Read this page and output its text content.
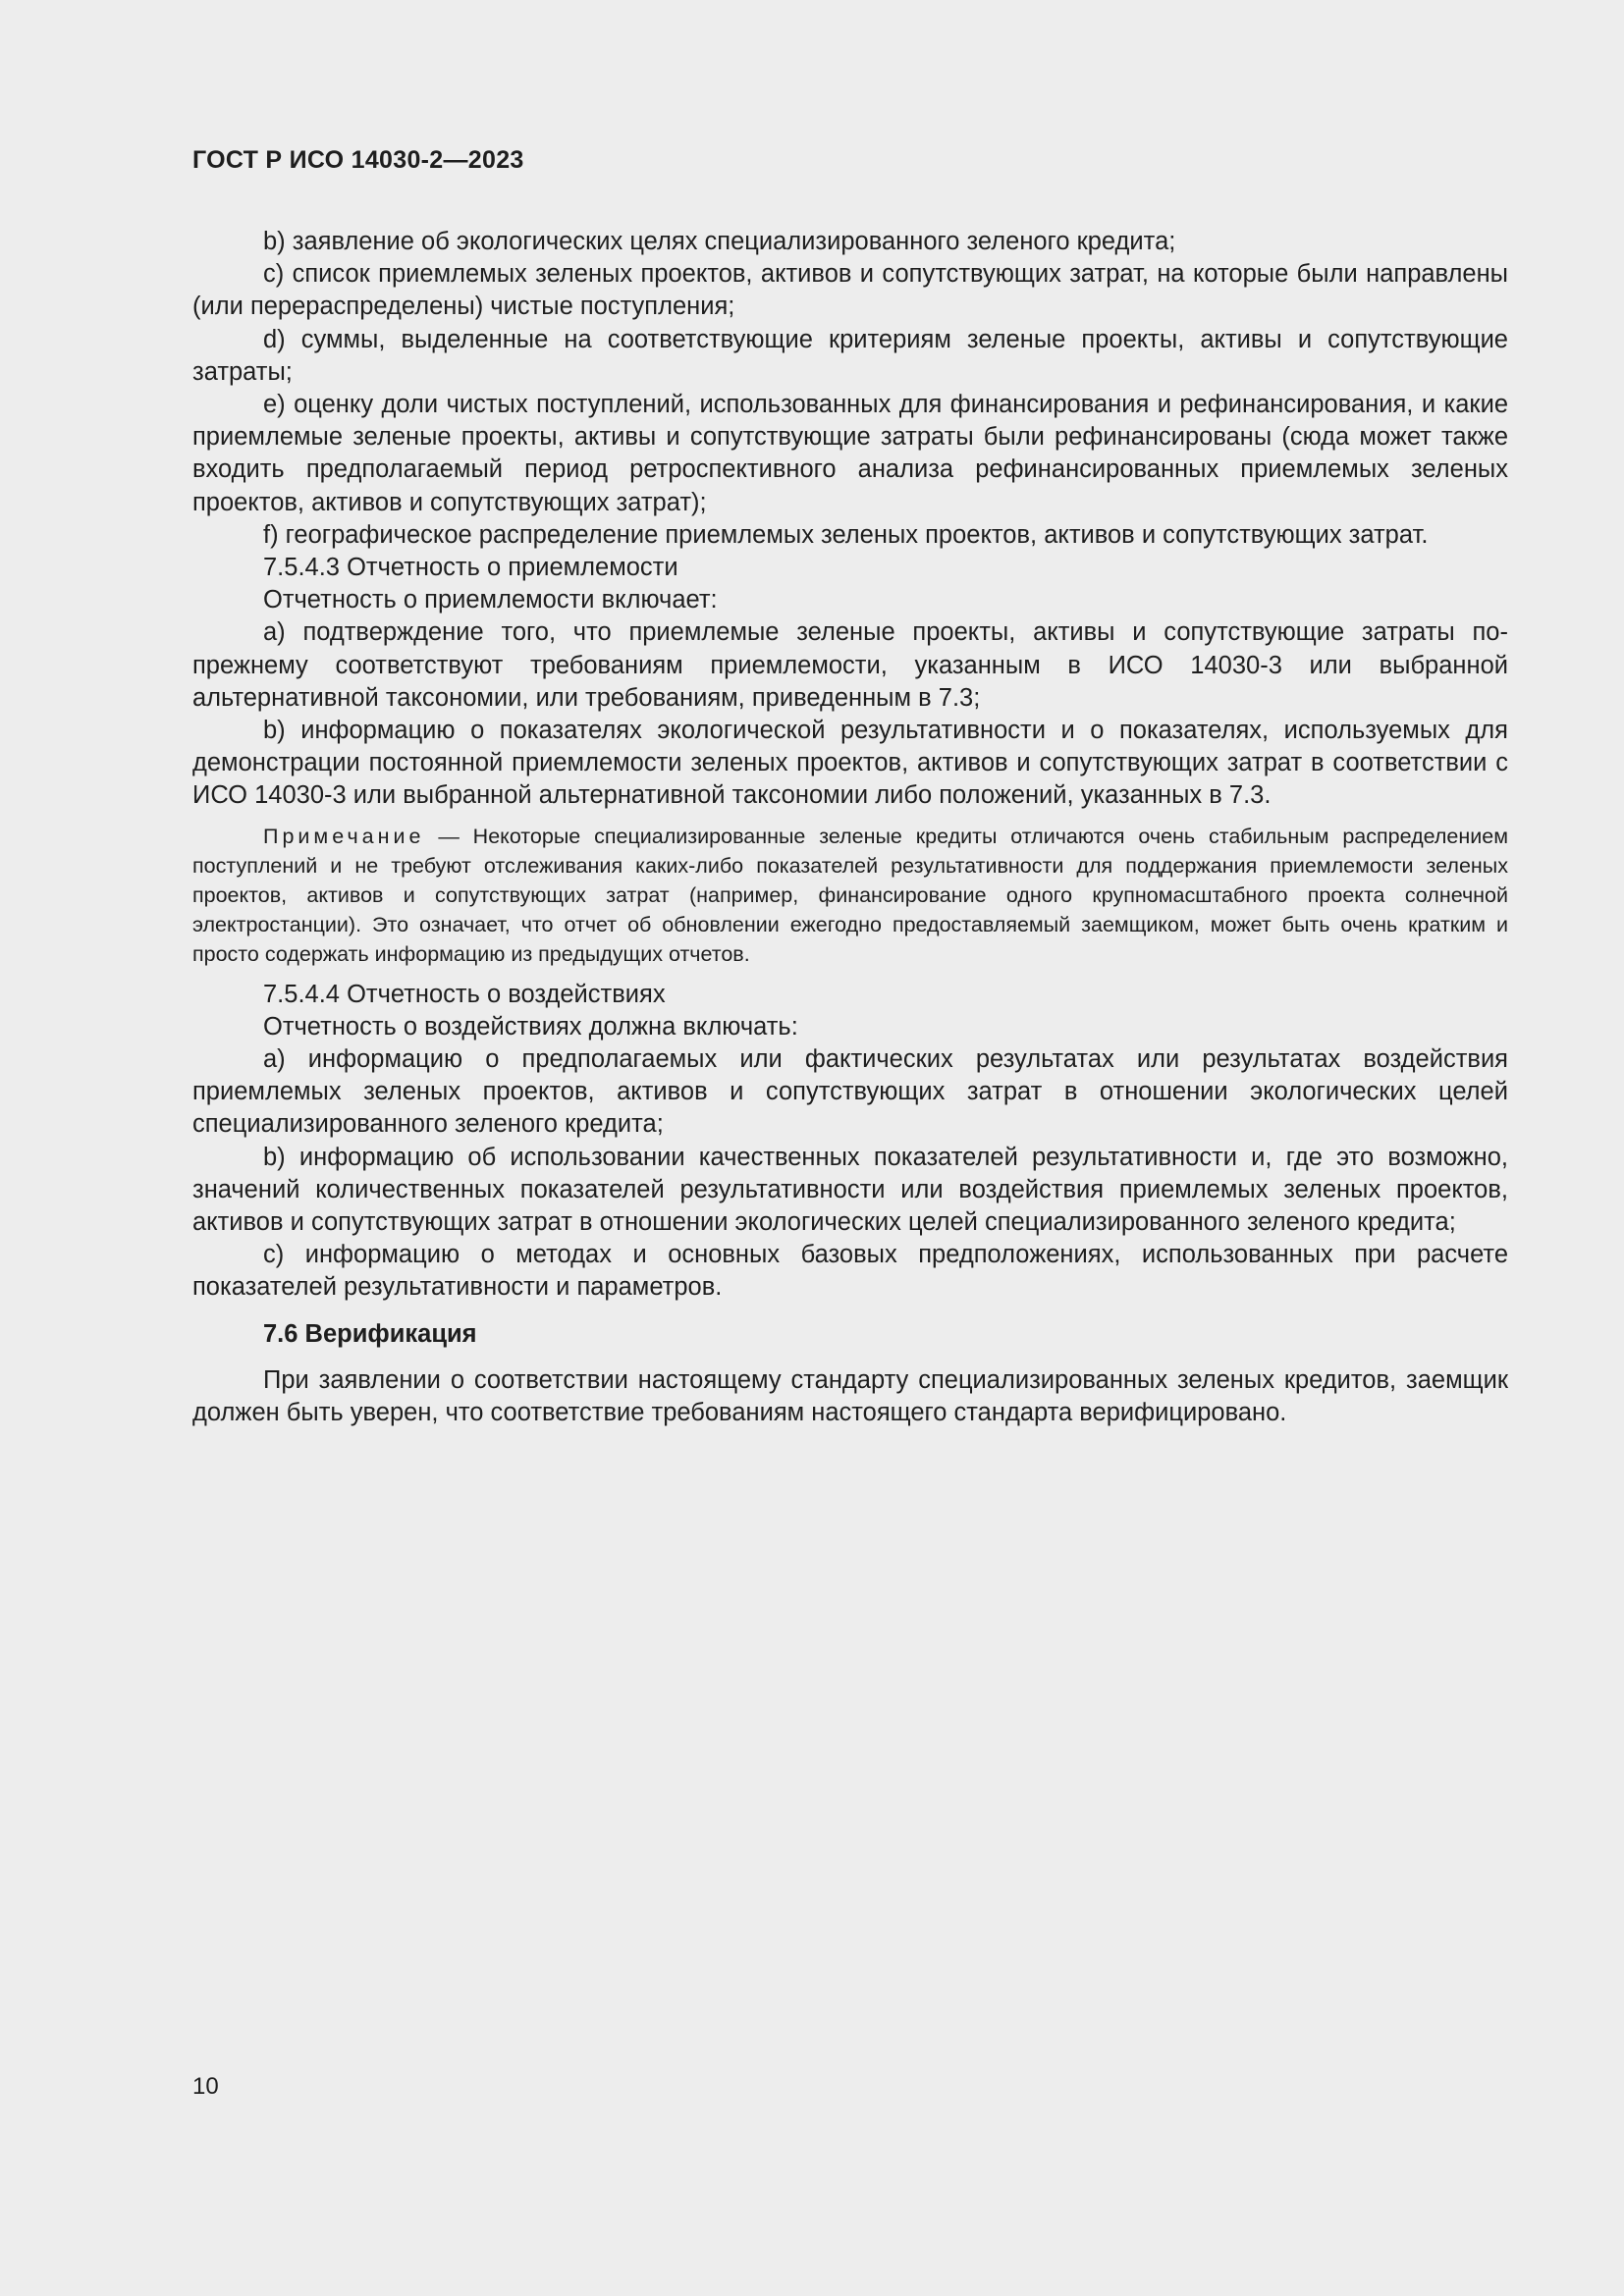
ГОСТ Р ИСО 14030-2—2023

b) заявление об экологических целях специализированного зеленого кредита;

c) список приемлемых зеленых проектов, активов и сопутствующих затрат, на которые были направлены (или перераспределены) чистые поступления;

d) суммы, выделенные на соответствующие критериям зеленые проекты, активы и сопутствующие затраты;

e) оценку доли чистых поступлений, использованных для финансирования и рефинансирования, и какие приемлемые зеленые проекты, активы и сопутствующие затраты были рефинансированы (сюда может также входить предполагаемый период ретроспективного анализа рефинансированных приемлемых зеленых проектов, активов и сопутствующих затрат);

f) географическое распределение приемлемых зеленых проектов, активов и сопутствующих затрат.

7.5.4.3 Отчетность о приемлемости

Отчетность о приемлемости включает:

a) подтверждение того, что приемлемые зеленые проекты, активы и сопутствующие затраты по-прежнему соответствуют требованиям приемлемости, указанным в ИСО 14030-3 или выбранной альтернативной таксономии, или требованиям, приведенным в 7.3;

b) информацию о показателях экологической результативности и о показателях, используемых для демонстрации постоянной приемлемости зеленых проектов, активов и сопутствующих затрат в соответствии с ИСО 14030-3 или выбранной альтернативной таксономии либо положений, указанных в 7.3.

Примечание — Некоторые специализированные зеленые кредиты отличаются очень стабильным распределением поступлений и не требуют отслеживания каких-либо показателей результативности для поддержания приемлемости зеленых проектов, активов и сопутствующих затрат (например, финансирование одного крупномасштабного проекта солнечной электростанции). Это означает, что отчет об обновлении ежегодно предоставляемый заемщиком, может быть очень кратким и просто содержать информацию из предыдущих отчетов.

7.5.4.4 Отчетность о воздействиях

Отчетность о воздействиях должна включать:

a) информацию о предполагаемых или фактических результатах или результатах воздействия приемлемых зеленых проектов, активов и сопутствующих затрат в отношении экологических целей специализированного зеленого кредита;

b) информацию об использовании качественных показателей результативности и, где это возможно, значений количественных показателей результативности или воздействия приемлемых зеленых проектов, активов и сопутствующих затрат в отношении экологических целей специализированного зеленого кредита;

c) информацию о методах и основных базовых предположениях, использованных при расчете показателей результативности и параметров.

7.6 Верификация

При заявлении о соответствии настоящему стандарту специализированных зеленых кредитов, заемщик должен быть уверен, что соответствие требованиям настоящего стандарта верифицировано.

10
